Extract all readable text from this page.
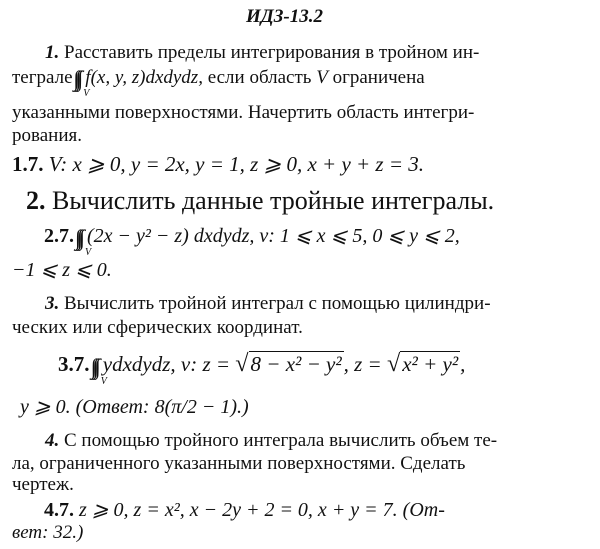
ИДЗ-13.2
1. Расставить пределы интегрирования в тройном ин-
теграле
V
f(x, y, z)dxdydz, если область V ограничена
указанными поверхностями. Начертить область интегри-
рования.
1.7. V: x ⩾ 0, y = 2x, y = 1, z ⩾ 0, x + y + z = 3.
2. Вычислить данные тройные интегралы.
2.7.
V
(2x − y² − z) dxdydz, v: 1 ⩽ x ⩽ 5, 0 ⩽ y ⩽ 2,
−1 ⩽ z ⩽ 0.
3. Вычислить тройной интеграл с помощью цилиндри-
ческих или сферических координат.
3.7.
V
ydxdydz, v: z = √8 − x² − y², z = √x² + y²,
y ⩾ 0. (Ответ: 8(π/2 − 1).)
4. С помощью тройного интеграла вычислить объем те-
ла, ограниченного указанными поверхностями. Сделать
чертеж.
4.7. z ⩾ 0, z = x², x − 2y + 2 = 0, x + y = 7. (От-
вет: 32.)
